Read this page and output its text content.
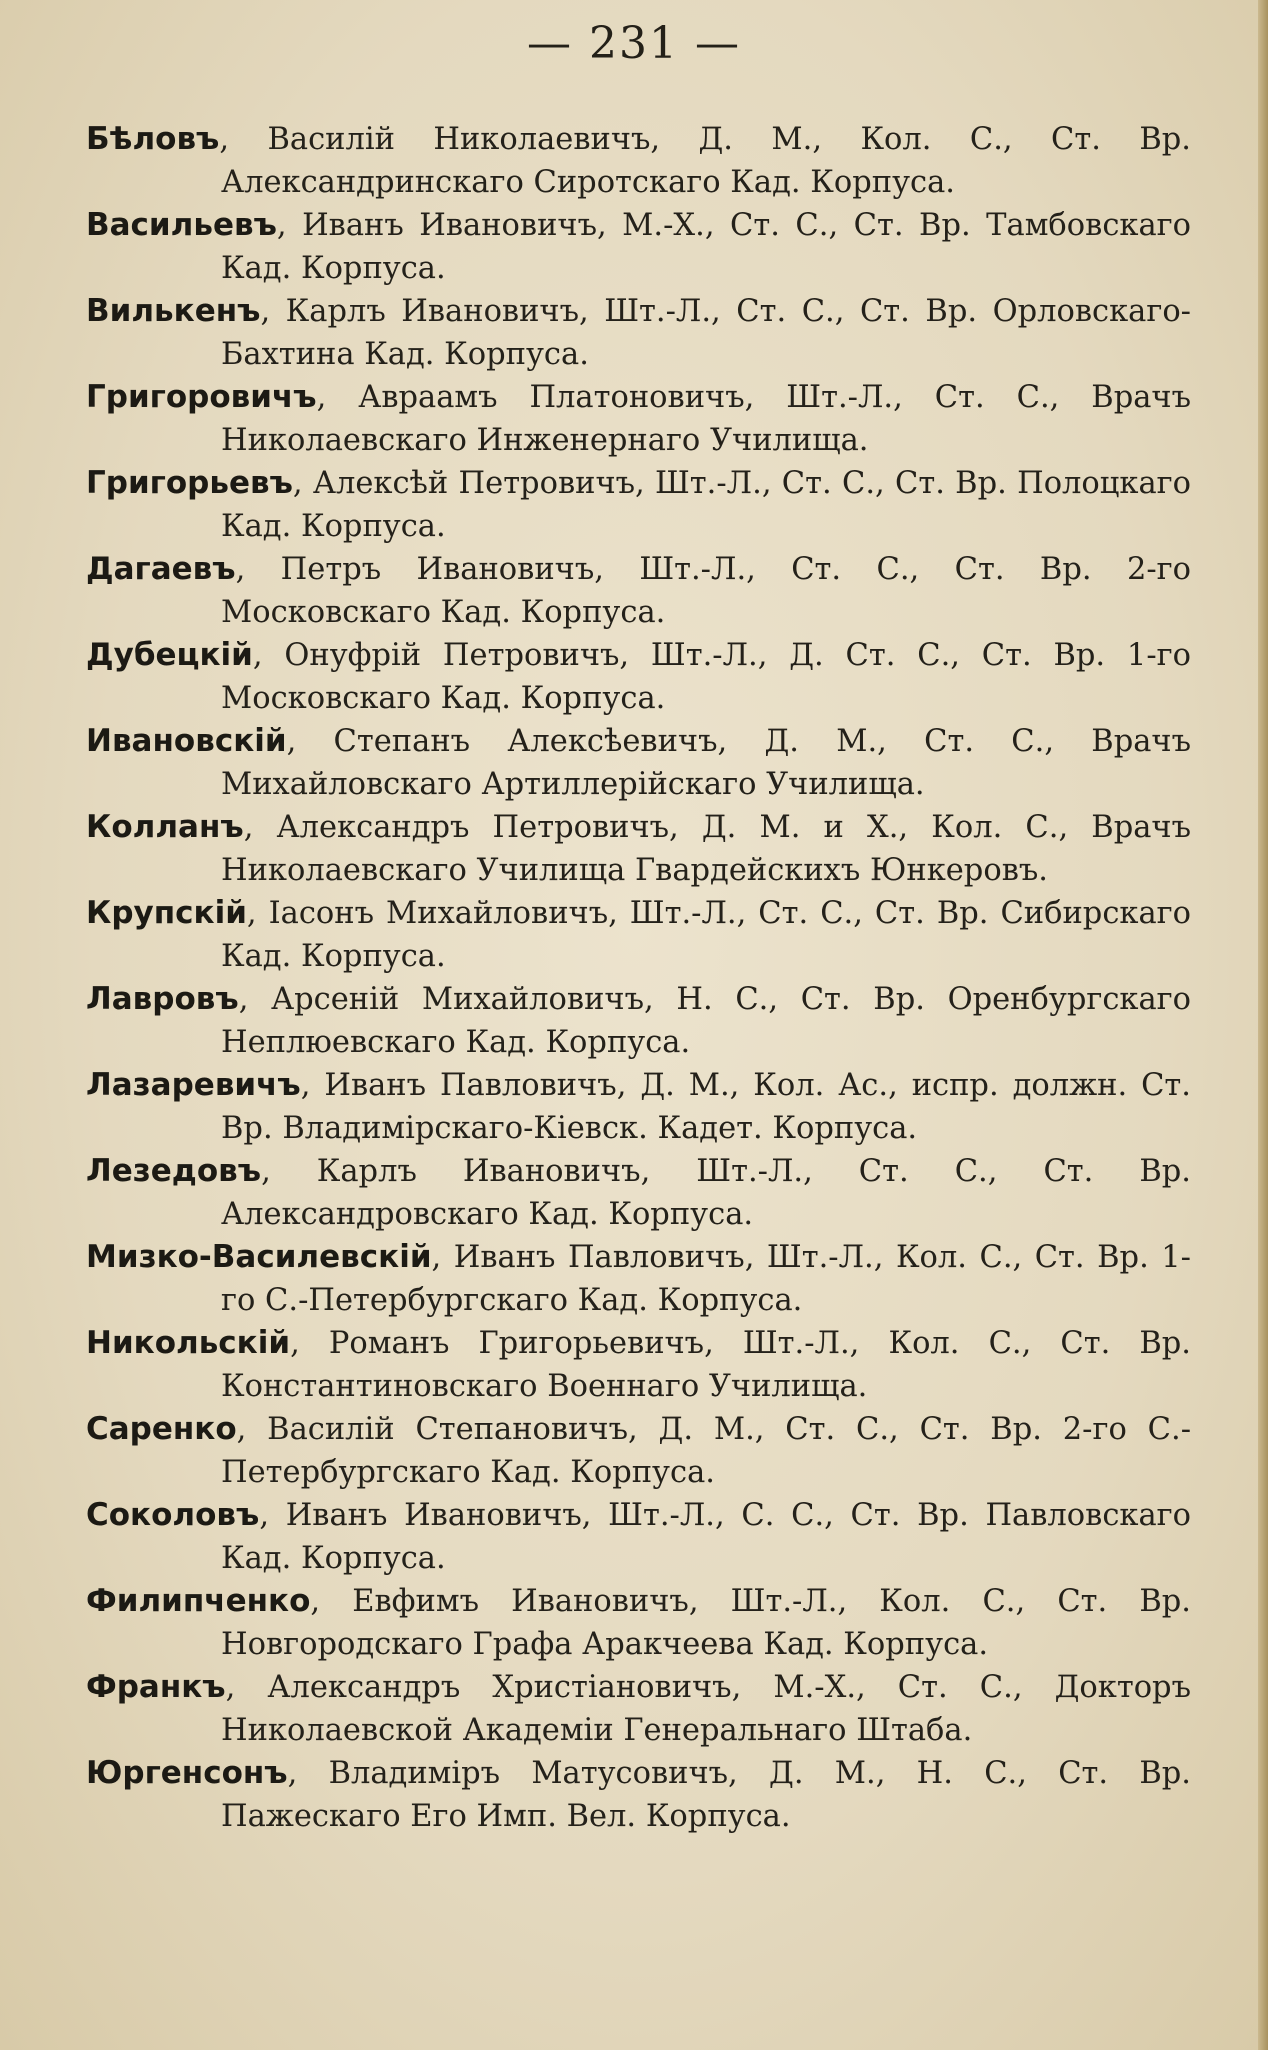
— 231 —

Бѣловъ, Василій Николаевичъ, Д. М., Кол. С., Ст. Вр. Александринскаго Сиротскаго Кад. Корпуса.

Васильевъ, Иванъ Ивановичъ, М.-Х., Ст. С., Ст. Вр. Тамбовскаго Кад. Корпуса.

Вилькенъ, Карлъ Ивановичъ, Шт.-Л., Ст. С., Ст. Вр. Орловскаго-Бахтина Кад. Корпуса.

Григоровичъ, Авраамъ Платоновичъ, Шт.-Л., Ст. С., Врачъ Николаевскаго Инженернаго Училища.

Григорьевъ, Алексѣй Петровичъ, Шт.-Л., Ст. С., Ст. Вр. Полоцкаго Кад. Корпуса.

Дагаевъ, Петръ Ивановичъ, Шт.-Л., Ст. С., Ст. Вр. 2-го Московскаго Кад. Корпуса.

Дубецкій, Онуфрій Петровичъ, Шт.-Л., Д. Ст. С., Ст. Вр. 1-го Московскаго Кад. Корпуса.

Ивановскій, Степанъ Алексѣевичъ, Д. М., Ст. С., Врачъ Михайловскаго Артиллерійскаго Училища.

Колланъ, Александръ Петровичъ, Д. М. и Х., Кол. С., Врачъ Николаевскаго Училища Гвардейскихъ Юнкеровъ.

Крупскій, Іасонъ Михайловичъ, Шт.-Л., Ст. С., Ст. Вр. Сибирскаго Кад. Корпуса.

Лавровъ, Арсеній Михайловичъ, Н. С., Ст. Вр. Оренбургскаго Неплюевскаго Кад. Корпуса.

Лазаревичъ, Иванъ Павловичъ, Д. М., Кол. Ас., испр. должн. Ст. Вр. Владимірскаго-Кіевск. Кадет. Корпуса.

Лезедовъ, Карлъ Ивановичъ, Шт.-Л., Ст. С., Ст. Вр. Александровскаго Кад. Корпуса.

Мизко-Василевскій, Иванъ Павловичъ, Шт.-Л., Кол. С., Ст. Вр. 1-го С.-Петербургскаго Кад. Корпуса.

Никольскій, Романъ Григорьевичъ, Шт.-Л., Кол. С., Ст. Вр. Константиновскаго Военнаго Училища.

Саренко, Василій Степановичъ, Д. М., Ст. С., Ст. Вр. 2-го С.-Петербургскаго Кад. Корпуса.

Соколовъ, Иванъ Ивановичъ, Шт.-Л., С. С., Ст. Вр. Павловскаго Кад. Корпуса.

Филипченко, Евфимъ Ивановичъ, Шт.-Л., Кол. С., Ст. Вр. Новгородскаго Графа Аракчеева Кад. Корпуса.

Франкъ, Александръ Христіановичъ, М.-Х., Ст. С., Докторъ Николаевской Академіи Генеральнаго Штаба.

Юргенсонъ, Владиміръ Матусовичъ, Д. М., Н. С., Ст. Вр. Пажескаго Его Имп. Вел. Корпуса.
